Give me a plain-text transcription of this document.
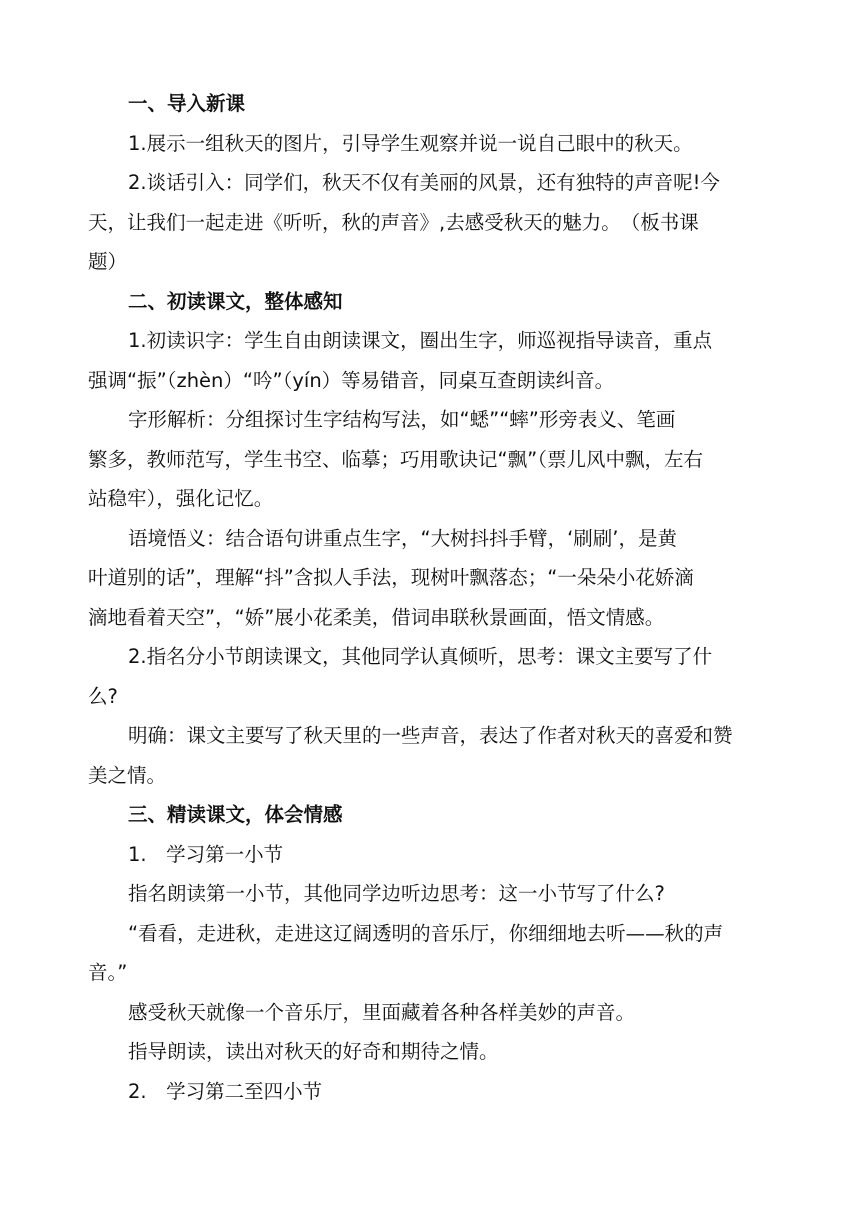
一、导入新课

1.展示一组秋天的图片，引导学生观察并说一说自己眼中的秋天。

2.谈话引入：同学们，秋天不仅有美丽的风景，还有独特的声音呢!今

天，让我们一起走进《听听，秋的声音》,去感受秋天的魅力。　（板书课

题）

二、初读课文，整体感知

1.初读识字：学生自由朗读课文，圈出生字，师巡视指导读音，重点

强调“振”（zhèn）“吟”（yín）等易错音，同桌互查朗读纠音。

字形解析：分组探讨生字结构写法，如“蟋”“蟀”形旁表义、笔画

繁多，教师范写，学生书空、临摹；巧用歌诀记“飘”（票儿风中飘，左右

站稳牢），强化记忆。

语境悟义：结合语句讲重点生字，“大树抖抖手臂，‘刷刷’，是黄

叶道别的话”，理解“抖”含拟人手法，现树叶飘落态；“一朵朵小花娇滴

滴地看着天空”，“娇”展小花柔美，借词串联秋景画面，悟文情感。

2.指名分小节朗读课文，其他同学认真倾听，思考：课文主要写了什

么?

明确：课文主要写了秋天里的一些声音，表达了作者对秋天的喜爱和赞

美之情。

三、精读课文，体会情感

1.　学习第一小节

指名朗读第一小节，其他同学边听边思考：这一小节写了什么?

“看看，走进秋，走进这辽阔透明的音乐厅，你细细地去听——秋的声

音。”

感受秋天就像一个音乐厅，里面藏着各种各样美妙的声音。

指导朗读，读出对秋天的好奇和期待之情。

2.　学习第二至四小节
